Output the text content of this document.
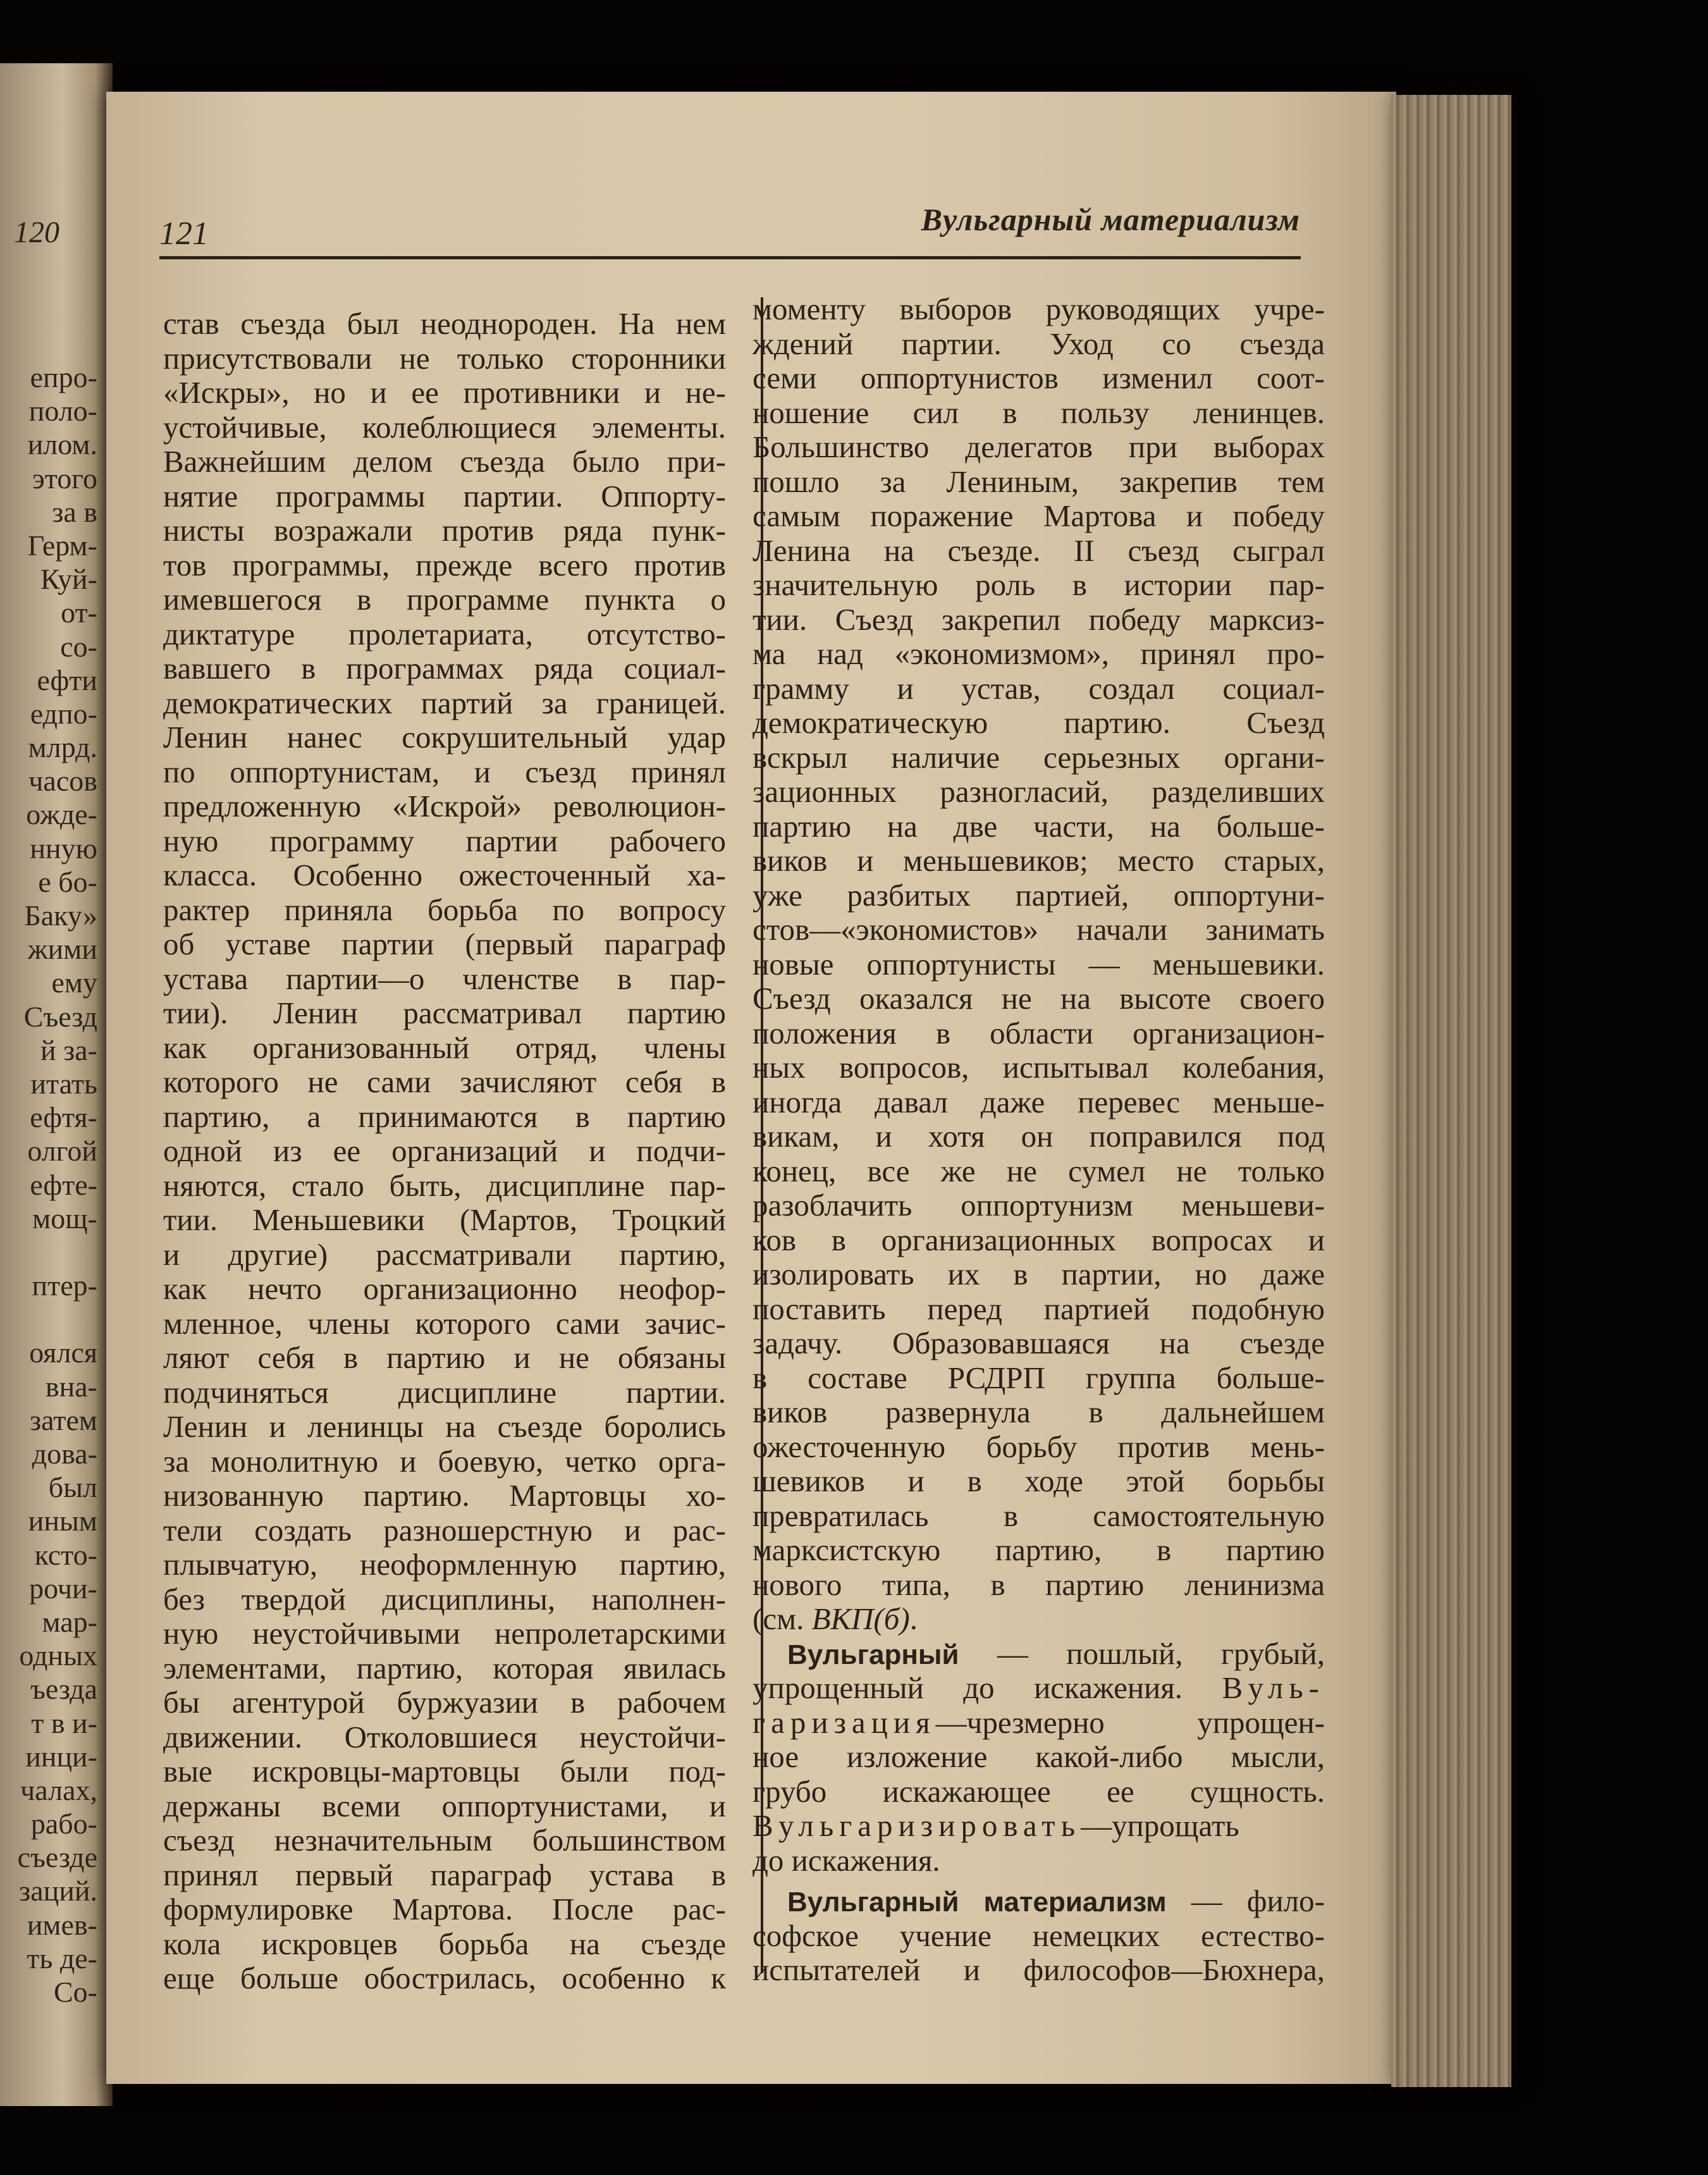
120
епро-
поло-
илом.
этого
за в
Герм-
Куй-
от-
со-
ефти
едпо-
млрд.
часов
ожде-
нную
е бо-
Баку»
жими
ему
Съезд
й за-
итать
ефтя-
олгой
ефте-
мощ-
птер-
оялся
вна-
затем
дова-
был
иным
ксто-
рочи-
мар-
одных
ъезда
т в и-
инци-
чалах,
рабо-
съезде
заций.
имев-
ть де-
Со-
121	Вульгарный материализм
став съезда был неоднороден. На нем
присутствовали не только сторонники
«Искры», но и ее противники и не-
устойчивые, колеблющиеся элементы.
Важнейшим делом съезда было при-
нятие программы партии. Оппорту-
нисты возражали против ряда пунк-
тов программы, прежде всего против
имевшегося в программе пункта о
диктатуре пролетариата, отсутство-
вавшего в программах ряда социал-
демократических партий за границей.
Ленин нанес сокрушительный удар
по оппортунистам, и съезд принял
предложенную «Искрой» революцион-
ную программу партии рабочего
класса. Особенно ожесточенный ха-
рактер приняла борьба по вопросу
об уставе партии (первый параграф
устава партии—о членстве в пар-
тии). Ленин рассматривал партию
как организованный отряд, члены
которого не сами зачисляют себя в
партию, а принимаются в партию
одной из ее организаций и подчи-
няются, стало быть, дисциплине пар-
тии. Меньшевики (Мартов, Троцкий
и другие) рассматривали партию,
как нечто организационно неофор-
мленное, члены которого сами зачис-
ляют себя в партию и не обязаны
подчиняться дисциплине партии.
Ленин и ленинцы на съезде боролись
за монолитную и боевую, четко орга-
низованную партию. Мартовцы хо-
тели создать разношерстную и рас-
плывчатую, неоформленную партию,
без твердой дисциплины, наполнен-
ную неустойчивыми непролетарскими
элементами, партию, которая явилась
бы агентурой буржуазии в рабочем
движении. Отколовшиеся неустойчи-
вые искровцы-мартовцы были под-
держаны всеми оппортунистами, и
съезд незначительным большинством
принял первый параграф устава в
формулировке Мартова. После рас-
кола искровцев борьба на съезде
еще больше обострилась, особенно к
моменту выборов руководящих учре-
ждений партии. Уход со съезда
семи оппортунистов изменил соот-
ношение сил в пользу ленинцев.
Большинство делегатов при выборах
пошло за Лениным, закрепив тем
самым поражение Мартова и победу
Ленина на съезде. II съезд сыграл
значительную роль в истории пар-
тии. Съезд закрепил победу марксиз-
ма над «экономизмом», принял про-
грамму и устав, создал социал-
демократическую партию. Съезд
вскрыл наличие серьезных органи-
зационных разногласий, разделивших
партию на две части, на больше-
виков и меньшевиков; место старых,
уже разбитых партией, оппортуни-
стов—«экономистов» начали занимать
новые оппортунисты — меньшевики.
Съезд оказался не на высоте своего
положения в области организацион-
ных вопросов, испытывал колебания,
иногда давал даже перевес меньше-
викам, и хотя он поправился под
конец, все же не сумел не только
разоблачить оппортунизм меньшеви-
ков в организационных вопросах и
изолировать их в партии, но даже
поставить перед партией подобную
задачу. Образовавшаяся на съезде
в составе РСДРП группа больше-
виков развернула в дальнейшем
ожесточенную борьбу против мень-
шевиков и в ходе этой борьбы
превратилась в самостоятельную
марксистскую партию, в партию
нового типа, в партию ленинизма
(см. ВКП(б).
Вульгарный — пошлый, грубый,
упрощенный до искажения. Вуль-
гаризация—чрезмерно упрощен-
ное изложение какой-либо мысли,
грубо искажающее ее сущность.
Вульгаризировать—упрощать
до искажения.
Вульгарный материализм — фило-
софское учение немецких естество-
испытателей и философов—Бюхнера,
